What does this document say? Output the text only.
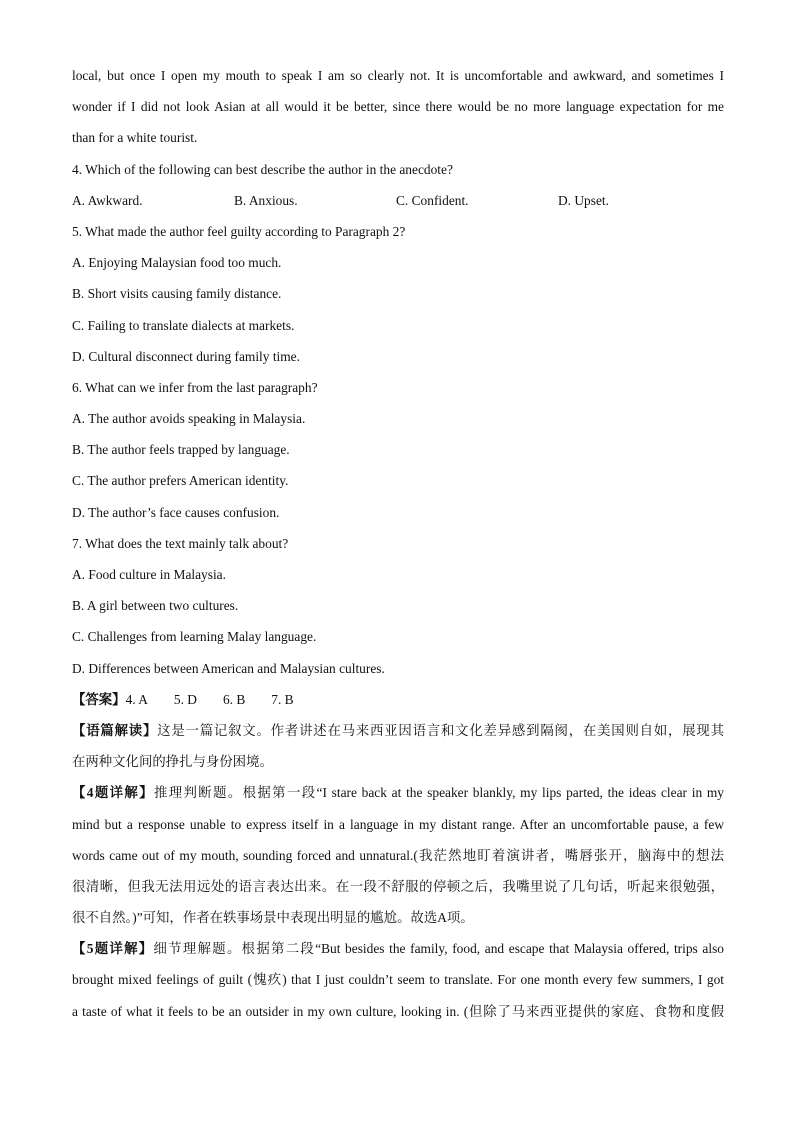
local, but once I open my mouth to speak I am so clearly not. It is uncomfortable and awkward, and sometimes I
wonder if I did not look Asian at all would it be better, since there would be no more language expectation for me
than for a white tourist.
4. Which of the following can best describe the author in the anecdote?
A. Awkward.	B. Anxious.	C. Confident.	D. Upset.
5. What made the author feel guilty according to Paragraph 2?
A. Enjoying Malaysian food too much.
B. Short visits causing family distance.
C. Failing to translate dialects at markets.
D. Cultural disconnect during family time.
6. What can we infer from the last paragraph?
A. The author avoids speaking in Malaysia.
B. The author feels trapped by language.
C. The author prefers American identity.
D. The author’s face causes confusion.
7. What does the text mainly talk about?
A. Food culture in Malaysia.
B. A girl between two cultures.
C. Challenges from learning Malay language.
D. Differences between American and Malaysian cultures.
【答案】4. A 5. D 6. B 7. B
【语篇解读】这是一篇记叙文。作者讲述在马来西亚因语言和文化差异感到隔阂，在美国则自如，展现其
在两种文化间的挣扎与身份困境。
【4题详解】推理判断题。根据第一段“I stare back at the speaker blankly, my lips parted, the ideas clear in my
mind but a response unable to express itself in a language in my distant range. After an uncomfortable pause, a few
words came out of my mouth, sounding forced and unnatural.(我茫然地盯着演讲者，嘴唇张开，脑海中的想法
很清晰，但我无法用远处的语言表达出来。在一段不舒服的停顿之后，我嘴里说了几句话，听起来很勉强，
很不自然。)”可知，作者在轶事场景中表现出明显的尴尬。故选A项。
【5题详解】细节理解题。根据第二段“But besides the family, food, and escape that Malaysia offered, trips also
brought mixed feelings of guilt (愧疚) that I just couldn’t seem to translate. For one month every few summers, I got
a taste of what it feels to be an outsider in my own culture, looking in. (但除了马来西亚提供的家庭、食物和度假
